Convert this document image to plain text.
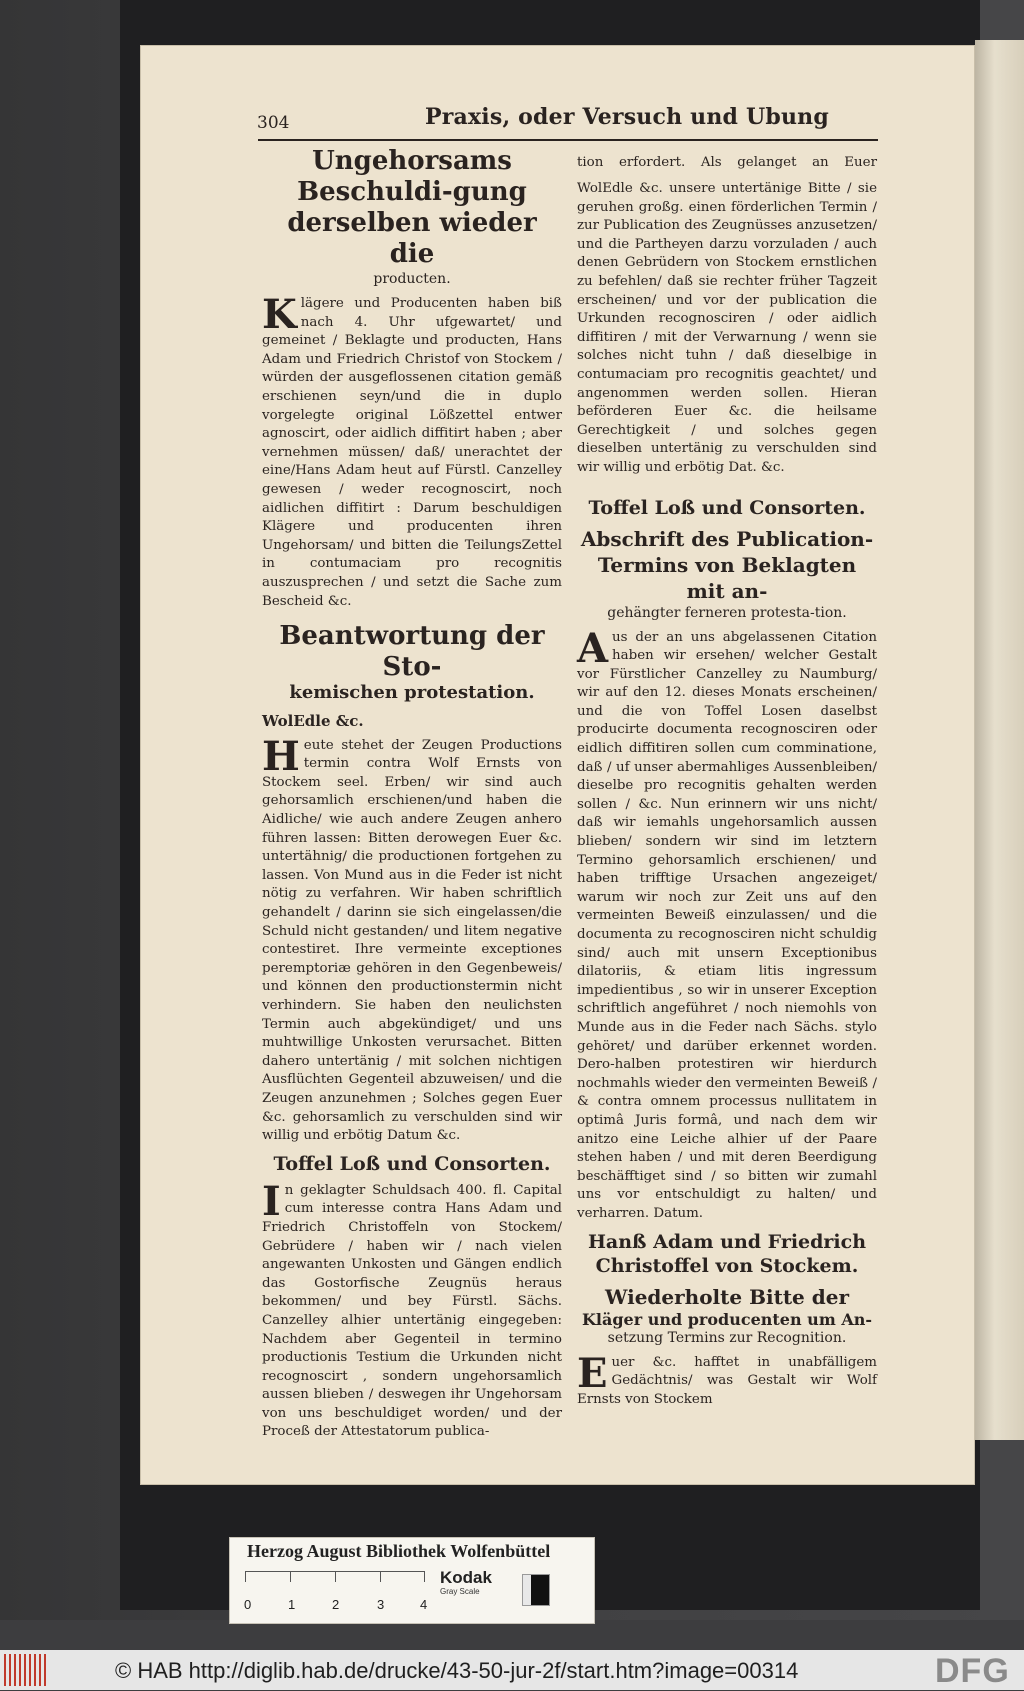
304	Praxis, oder Versuch und Ubung

Ungehorsams Beschuldi-gung derselben wieder die

producten.

Klägere und Producenten haben biß nach 4. Uhr ufgewartet/ und gemeinet / Beklagte und producten, Hans Adam und Friedrich Christof von Stockem / würden der ausgeflossenen citation gemäß erschienen seyn/und die in duplo vorgelegte original Lößzettel entwer agnoscirt, oder aidlich diffitirt haben ; aber vernehmen müssen/ daß/ unerachtet der eine/Hans Adam heut auf Fürstl. Canzelley gewesen / weder recognoscirt, noch aidlichen diffitirt : Darum beschuldigen Klägere und producenten ihren Ungehorsam/ und bitten die TeilungsZettel in contumaciam pro recognitis auszusprechen / und setzt die Sache zum Bescheid &c.

Beantwortung der Sto-

kemischen protestation.

WolEdle &c.

Heute stehet der Zeugen Productions termin contra Wolf Ernsts von Stockem seel. Erben/ wir sind auch gehorsamlich erschienen/und haben die Aidliche/ wie auch andere Zeugen anhero führen lassen: Bitten derowegen Euer &c. untertähnig/ die productionen fortgehen zu lassen. Von Mund aus in die Feder ist nicht nötig zu verfahren. Wir haben schriftlich gehandelt / darinn sie sich eingelassen/die Schuld nicht gestanden/ und litem negative contestiret. Ihre vermeinte exceptiones peremptoriæ gehören in den Gegenbeweis/ und können den productionstermin nicht verhindern. Sie haben den neulichsten Termin auch abgekündiget/ und uns muhtwillige Unkosten verursachet. Bitten dahero untertänig / mit solchen nichtigen Ausflüchten Gegenteil abzuweisen/ und die Zeugen anzunehmen ; Solches gegen Euer &c. gehorsamlich zu verschulden sind wir willig und erbötig Datum &c.

Toffel Loß und Consorten.

In geklagter Schuldsach 400. fl. Capital cum interesse contra Hans Adam und Friedrich Christoffeln von Stockem/ Gebrüdere / haben wir / nach vielen angewanten Unkosten und Gängen endlich das Gostorfische Zeugnüs heraus bekommen/ und bey Fürstl. Sächs. Canzelley alhier untertänig eingegeben: Nachdem aber Gegenteil in termino productionis Testium die Urkunden nicht recognoscirt , sondern ungehorsamlich aussen blieben / deswegen ihr Ungehorsam von uns beschuldiget worden/ und der Proceß der Attestatorum publica-

tion erfordert. Als gelanget an Euer WolEdle &c. unsere untertänige Bitte / sie geruhen großg. einen förderlichen Termin / zur Publication des Zeugnüsses anzusetzen/ und die Partheyen darzu vorzuladen / auch denen Gebrüdern von Stockem ernstlichen zu befehlen/ daß sie rechter früher Tagzeit erscheinen/ und vor der publication die Urkunden recognosciren / oder aidlich diffitiren / mit der Verwarnung / wenn sie solches nicht tuhn / daß dieselbige in contumaciam pro recognitis geachtet/ und angenommen werden sollen. Hieran beförderen Euer &c. die heilsame Gerechtigkeit / und solches gegen dieselben untertänig zu verschulden sind wir willig und erbötig Dat. &c.

Toffel Loß und Consorten.

Abschrift des Publication-

Termins von Beklagten mit an-

gehängter ferneren protesta-tion.

Aus der an uns abgelassenen Citation haben wir ersehen/ welcher Gestalt vor Fürstlicher Canzelley zu Naumburg/ wir auf den 12. dieses Monats erscheinen/ und die von Toffel Losen daselbst producirte documenta recognosciren oder eidlich diffitiren sollen cum comminatione, daß / uf unser abermahliges Aussenbleiben/ dieselbe pro recognitis gehalten werden sollen / &c. Nun erinnern wir uns nicht/ daß wir iemahls ungehorsamlich aussen blieben/ sondern wir sind im letztern Termino gehorsamlich erschienen/ und haben trifftige Ursachen angezeiget/ warum wir noch zur Zeit uns auf den vermeinten Beweiß einzulassen/ und die documenta zu recognosciren nicht schuldig sind/ auch mit unsern Exceptionibus dilatoriis, & etiam litis ingressum impedientibus , so wir in unserer Exception schriftlich angeführet / noch niemohls von Munde aus in die Feder nach Sächs. stylo gehöret/ und darüber erkennet worden. Dero-halben protestiren wir hierdurch nochmahls wieder den vermeinten Beweiß / & contra omnem processus nullitatem in optimâ Juris formâ, und nach dem wir anitzo eine Leiche alhier uf der Paare stehen haben / und mit deren Beerdigung beschäfftiget sind / so bitten wir zumahl uns vor entschuldigt zu halten/ und verharren. Datum.

Hanß Adam und Friedrich
Christoffel von Stockem.

Wiederholte Bitte der

Kläger und producenten um An-

setzung Termins zur Recognition.

Euer &c. hafftet in unabfälligem Gedächtnis/ was Gestalt wir Wolf Ernsts von Stockem

Herzog August Bibliothek Wolfenbüttel
0	1	2	3	4
Kodak
Gray Scale
© HAB http://diglib.hab.de/drucke/43-50-jur-2f/start.htm?image=00314	DFG
